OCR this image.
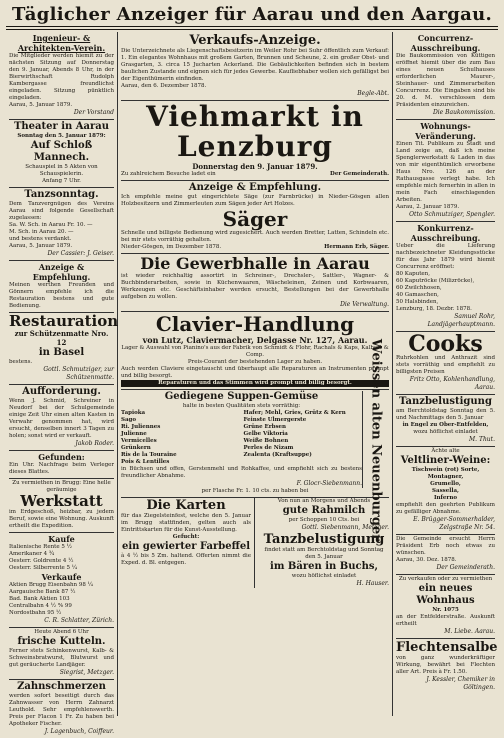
Täglicher Anzeiger für Aarau und den Aargau.
Ingenieur- & Architekten-Verein.
Die Mitglieder werden hiemit zu der nächsten Sitzung auf Donnerstag den 9. Januar, Abends 8 Uhr, in der Bierwirthschaft Rudolph Kambergasse freundlichst eingeladen. Sitzung pünktlich eingeladen.
Aarau, 5. Januar 1879.
Der Vorstand
Theater in Aarau
Sonntag den 5. Januar 1879:
Auf Schloß Mannech.
Schauspiel in 5 Akten von Schauspielerin.
Anfang 7 Uhr.
Tanzsonntag.
Dem Tanzvergnügen des Vereins Aarau sind folgende Gesellschaft zugelassen:
Sa. W. Sch. in Aarau Fr. 10. —
M. Sch. in Aarau 20. —
und bestens verdankt.
Aarau, 5. Januar 1879.
Der Cassier: J. Geiser.
Anzeige & Empfehlung.
Meinen werthen Freunden und Gönnern empfehle ich die Restauration bestens und gute Bedienung.
Restauration
zur Schützenmatte Nro. 12
in Basel
bestens.
Gottl. Schmutziger, zur Schützenmatte.
Aufforderung.
Wenn J. Schmid, Schreiner in Neudorf bei der Schulgemeinde einige Zeit Uhr einen alten Kasten in Verwahr genommen hat, wird ersucht, denselben innert 3 Tagen zu holen; sonst wird er verkauft.
Jakob Roder.
Gefunden:
Ein Uhr. Nachfrage beim Verleger dieses Blattes.
Zu vermiethen in Brugg: Eine helle geräumige
Werkstatt
im Erdgeschoß, heizbar, zu jedem Beruf, sowie eine Wohnung. Auskunft ertheilt die Expedition.
Kaufe
Italienische Rente 5 ½
Amerikaner 4 ¾
Oesterr. Goldrente 4 ½
Oesterr. Silberrente 5 ¼
Verkaufe
Aktien Brugg Eisenbahn 98 ¼
Aargauische Bank 87 ½
Bad. Bank Aktien 103
Centralbahn 4 ½ % 99
Nordostbahn 95 ½
C. R. Schlatter, Zürich.
Heute Abend 6 Uhr
frische Kutteln.
Ferner stets Schinkenwurst, Kalb- & Schweinsbratwurst, Blutwurst und gut geräucherte Landjäger.
Siegrist, Metzger.
Zahnschmerzen
werden sofort beseitigt durch das Zahnwasser von Herrn Zahnarzt Leuthold. Sehr empfehlenswerth. Preis per Flacon 1 Fr. Zu haben bei Apotheker Fischer.
J. Lagenbuch, Coiffeur.
Verkaufs-Anzeige.
Die Unterzeichnete als Liegenschaftsbesitzerin im Weiler Rohr bei Suhr öffentlich zum Verkauf: 1. Ein elegantes Wohnhaus mit großem Garten, Brunnen und Scheune, 2. ein großer Obst- und Grasgarten, 3. circa 15 Jucharten Ackerland. Die Gebäulichkeiten befinden sich in bestem baulichen Zustande und eignen sich für jedes Gewerbe. Kaufliebhaber wollen sich gefälligst bei der Eigenthümerin einfinden.
Aarau, den 6. Dezember 1878.
Begle-Abt.
Viehmarkt in Lenzburg
Donnerstag den 9. Januar 1879.
Zu zahlreichem Besuche ladet ein	Der Gemeinderath.
Anzeige & Empfehlung.
Ich empfehle meine gut eingerichtete Säge (zur Farnbrücke) in Nieder-Gösgen allen Holzbesitzern und Zimmerleuten zum Sägen jeder Art Holzes.
Säger
Schnelle und billigste Bedienung wird zugesichert. Auch werden Bretter, Latten, Schindeln etc. bei mir stets vorräthig gehalten.
Nieder-Gösgen, im Dezember 1878.	Hermann Erb, Säger.
Die Gewerbhalle in Aarau
ist wieder reichhaltig assortirt in Schreiner-, Drechsler-, Sattler-, Wagner- & Buchbinderarbeiten, sowie in Küchenwaaren, Wäscheleinen, Zeinen und Korbwaaren, Werkzeugen etc. Geschäftsinhaber werden ersucht, Bestellungen bei der Gewerbhalle aufgeben zu wollen.
Die Verwaltung.
Clavier-Handlung
von Lutz, Claviermacher, Delgasse Nr. 127, Aarau.
Lager & Auswahl von Pianino's aus der Fabrik von Schmidt & Flohr, Rachals & Kaps, Kalbert & Comp.
Preis-Courant der bestehenden Lager zu haben.
Auch werden Claviere eingetauscht und überhaupt alle Reparaturen an Instrumenten prompt und billig besorgt.
Reparaturen und das Stimmen wird prompt und billig besorgt.
Gediegene Suppen-Gemüse
halte in besten Qualitäten stets vorräthig:
Tapioka
Sago
Ri. Juliennes
Julienne
Vermicelles
Grünkern
Ris de la Touraine
Pois & Lentilles
Hafer; Mehl, Gries, Grütz & Kern
Feinste Ulmergerste
Grüne Erbsen
Gelbe Viktoria
Weiße Bohnen
Perles de Nizam
Zealenta (Kraftsuppe)
in Büchsen und offen, Gerstenmehl und Rohkaffee, und empfiehlt sich zu bestens freundlicher Abnahme.
F. Glocr-Siebenmann. Weissen alten Neuenburger
per Flasche Fr. 1. 10 cts. zu haben bei
Die Karten
für das Ziegelsteinfest, welche den 5. Januar im Brugg stattfinden, gelten auch als Eintrittskarten für die Kunst-Ausstellung.
Gefucht:
ein gewierter Farbeffel
à 4 ½ bis 5 Zm. haltend. Offerten nimmt die Exped. d. Bl. entgegen.
Von nun an Morgens und Abends
gute Rahmilch
per Schoppen 10 Cts. bei
Gottl. Siebenmann, Metzger.
Tanzbelustigung
findet statt am Berchtoldstag und Sonntag den 5. Januar
im Bären in Buchs,
wozu höflichst einladet
H. Hauser.
Concurrenz-Ausschreibung.
Die Baukommission von Küttigen eröffnet hiemit über die zum Bau eines neuen Schulhauses erforderlichen Maurer-, Steinhauer- und Zimmerarbeiten Concurrenz. Die Eingaben sind bis 20. d. M. verschlossen dem Präsidenten einzureichen.
Die Baukommission.
Wohnungs-Veränderung.
Einen Tit. Publikum zu Stadt und Land zeige an, daß ich meine Spenglerwerkstatt & Laden in das von mir eigenthümlich erworbene Haus Nro. 126 an der Rathausgasse verlegt habe. Ich empfehle mich fernerhin in allen in mein Fach einschlagenden Arbeiten.
Aarau, 2. Januar 1879.
Otto Schmutziger, Spengler.
Konkurrenz-Ausschreibung.
Ueber die Lieferung nachbezeichneter Kleidungsstücke für das Jahr 1879 wird hiemit Concurrenz eröffnet:
80 Kaputen,
60 Kaputröcke (Milizröcke),
60 Zwilchhosen,
40 Gamaschen,
50 Halsbinden,
Lenzburg, 18. Dezbr. 1878.
Samuel Rohr, Landjägerhauptmann.
Cooks
Ruhrkohlen und Anthrazit sind stets vorräthig und empfiehlt zu billigsten Preisen
Fritz Otto, Kohlenhandlung, Aarau.
Tanzbelustigung
am Berchtoldstag Sonntag den 5. und Nachmittags den 5. Januar
in Engel zu Ober-Entfelden,
wozu höflichst einladet
M. Thut.
Ächte alte
Veltliner-Weine:
Tischwein (rot) Sorte,
Montagner,
Grumello,
Sassella,
Inferno
empfiehlt den geehrten Publikum zu gefälliger Abnahme.
E. Brügger-Sommerhalder, Zelgstraße Nr. 54.
Die Gemeinde ersucht Herrn Präsident Erb noch etwas zu wünschen.
Aarau, 30. Dez. 1878.
Der Gemeinderath.
Zu verkaufen oder zu vermiethen
ein neues Wohnhaus
Nr. 1075
an der Entfelderstraße. Auskunft ertheilt
M. Liebe. Aarau.
Flechtensalbe
von ganz wunderkräftiger Wirkung, bewährt bei Flechten aller Art. Preis à Fr. 1.50.
J. Kessler, Chemiker in Göltingen.
